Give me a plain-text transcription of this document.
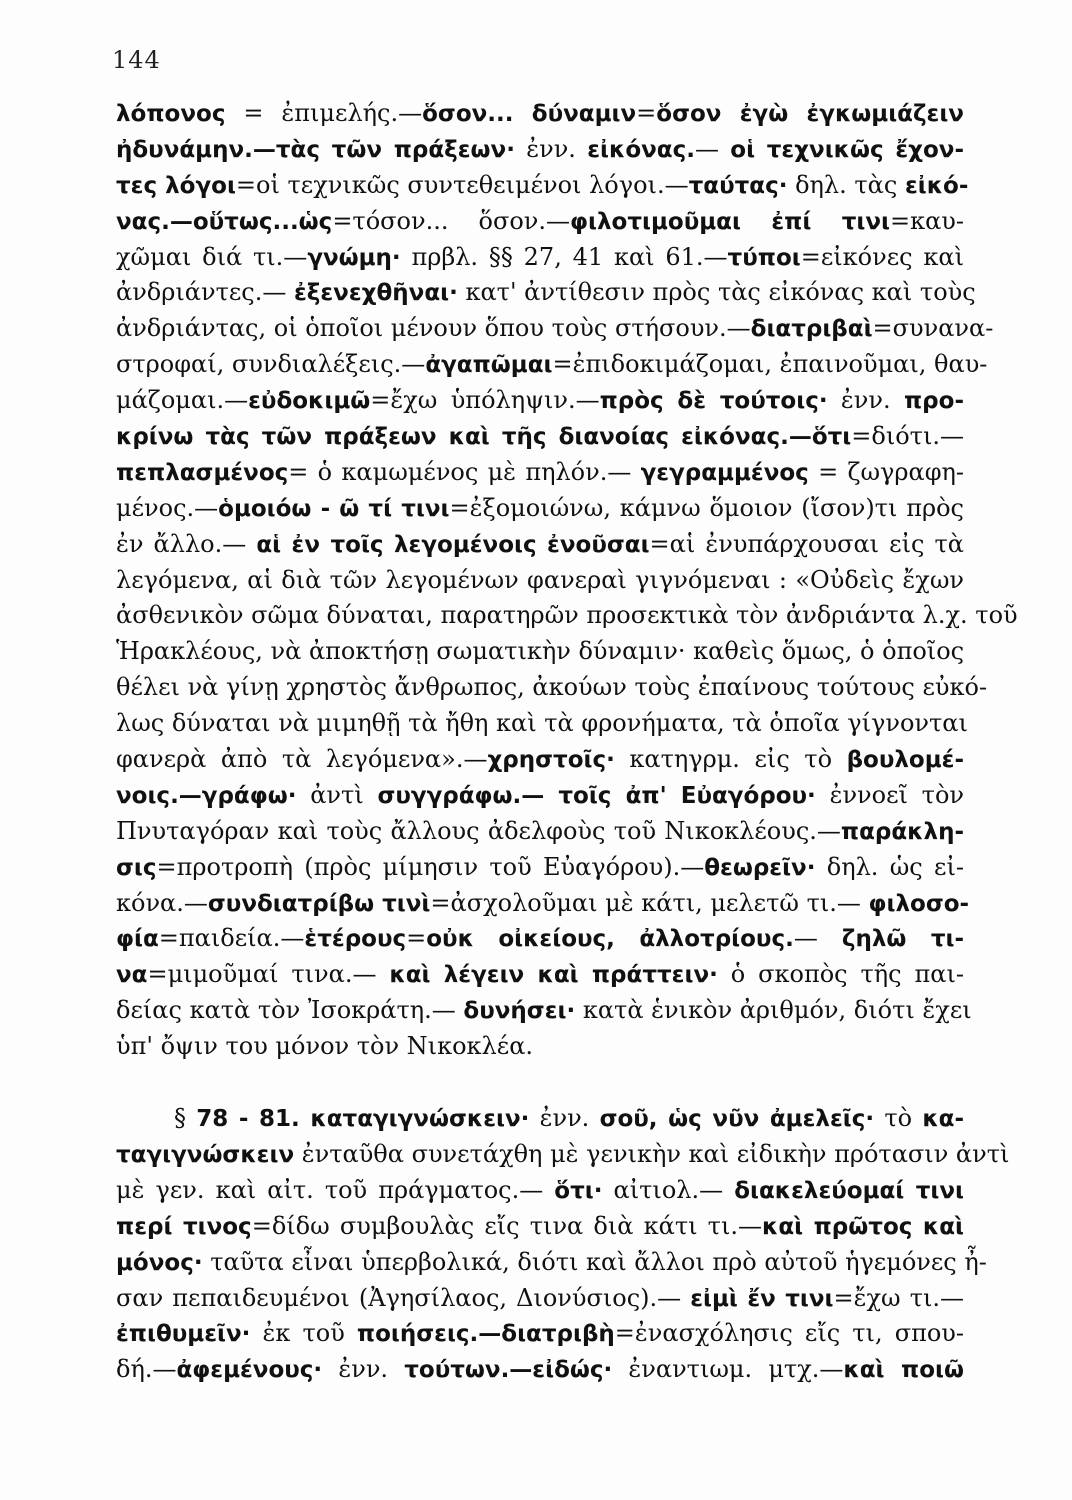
144
λόπονος = ἐπιμελής.—ὅσον... δύναμιν=ὅσον ἐγὼ ἐγκωμιάζειν
ἠδυνάμην.—τὰς τῶν πράξεων· ἐνν. εἰκόνας.— οἱ τεχνικῶς ἔχον-
τες λόγοι=οἱ τεχνικῶς συντεθειμένοι λόγοι.—ταύτας· δηλ. τὰς εἰκό-
νας.—οὕτως...ὡς=τόσον... ὅσον.—φιλοτιμοῦμαι ἐπί τινι=καυ-
χῶμαι διά τι.—γνώμη· πρβλ. §§ 27, 41 καὶ 61.—τύποι=εἰκόνες καὶ
ἀνδριάντες.— ἐξενεχθῆναι· κατ' ἀντίθεσιν πρὸς τὰς εἰκόνας καὶ τοὺς
ἀνδριάντας, οἱ ὁποῖοι μένουν ὅπου τοὺς στήσουν.—διατριβαὶ=συνανα-
στροφαί, συνδιαλέξεις.—ἀγαπῶμαι=ἐπιδοκιμάζομαι, ἐπαινοῦμαι, θαυ-
μάζομαι.—εὐδοκιμῶ=ἔχω ὑπόληψιν.—πρὸς δὲ τούτοις· ἐνν. προ-
κρίνω τὰς τῶν πράξεων καὶ τῆς διανοίας εἰκόνας.—ὅτι=διότι.—
πεπλασμένος= ὁ καμωμένος μὲ πηλόν.— γεγραμμένος = ζωγραφη-
μένος.—ὁμοιόω - ῶ τί τινι=ἐξομοιώνω, κάμνω ὅμοιον (ἴσον)τι πρὸς
ἐν ἄλλο.— αἱ ἐν τοῖς λεγομένοις ἐνοῦσαι=αἱ ἐνυπάρχουσαι εἰς τὰ
λεγόμενα, αἱ διὰ τῶν λεγομένων φανεραὶ γιγνόμεναι : «Οὐδεὶς ἔχων
ἀσθενικὸν σῶμα δύναται, παρατηρῶν προσεκτικὰ τὸν ἀνδριάντα λ.χ. τοῦ
Ἡρακλέους, νὰ ἀποκτήσῃ σωματικὴν δύναμιν· καθεὶς ὅμως, ὁ ὁποῖος
θέλει νὰ γίνῃ χρηστὸς ἄνθρωπος, ἀκούων τοὺς ἐπαίνους τούτους εὐκό-
λως δύναται νὰ μιμηθῇ τὰ ἤθη καὶ τὰ φρονήματα, τὰ ὁποῖα γίγνονται
φανερὰ ἀπὸ τὰ λεγόμενα».—χρηστοῖς· κατηγρμ. εἰς τὸ βουλομέ-
νοις.—γράφω· ἀντὶ συγγράφω.— τοῖς ἀπ' Εὐαγόρου· ἐννοεῖ τὸν
Πνυταγόραν καὶ τοὺς ἄλλους ἀδελφοὺς τοῦ Νικοκλέους.—παράκλη-
σις=προτροπὴ (πρὸς μίμησιν τοῦ Εὐαγόρου).—θεωρεῖν· δηλ. ὡς εἰ-
κόνα.—συνδιατρίβω τινὶ=ἀσχολοῦμαι μὲ κάτι, μελετῶ τι.— φιλοσο-
φία=παιδεία.—ἑτέρους=οὐκ οἰκείους, ἀλλοτρίους.— ζηλῶ τι-
να=μιμοῦμαί τινα.— καὶ λέγειν καὶ πράττειν· ὁ σκοπὸς τῆς παι-
δείας κατὰ τὸν Ἰσοκράτη.— δυνήσει· κατὰ ἑνικὸν ἀριθμόν, διότι ἔχει
ὑπ' ὄψιν του μόνον τὸν Νικοκλέα.
§ 78 - 81. καταγιγνώσκειν· ἐνν. σοῦ, ὡς νῦν ἀμελεῖς· τὸ κα-
ταγιγνώσκειν ἐνταῦθα συνετάχθη μὲ γενικὴν καὶ εἰδικὴν πρότασιν ἀντὶ
μὲ γεν. καὶ αἰτ. τοῦ πράγματος.— ὅτι· αἰτιολ.— διακελεύομαί τινι
περί τινος=δίδω συμβουλὰς εἴς τινα διὰ κάτι τι.—καὶ πρῶτος καὶ
μόνος· ταῦτα εἶναι ὑπερβολικά, διότι καὶ ἄλλοι πρὸ αὐτοῦ ἡγεμόνες ἦ-
σαν πεπαιδευμένοι (Ἀγησίλαος, Διονύσιος).— εἰμὶ ἔν τινι=ἔχω τι.—
ἐπιθυμεῖν· ἐκ τοῦ ποιήσεις.—διατριβὴ=ἐνασχόλησις εἴς τι, σπου-
δή.—ἀφεμένους· ἐνν. τούτων.—εἰδώς· ἐναντιωμ. μτχ.—καὶ ποιῶ
